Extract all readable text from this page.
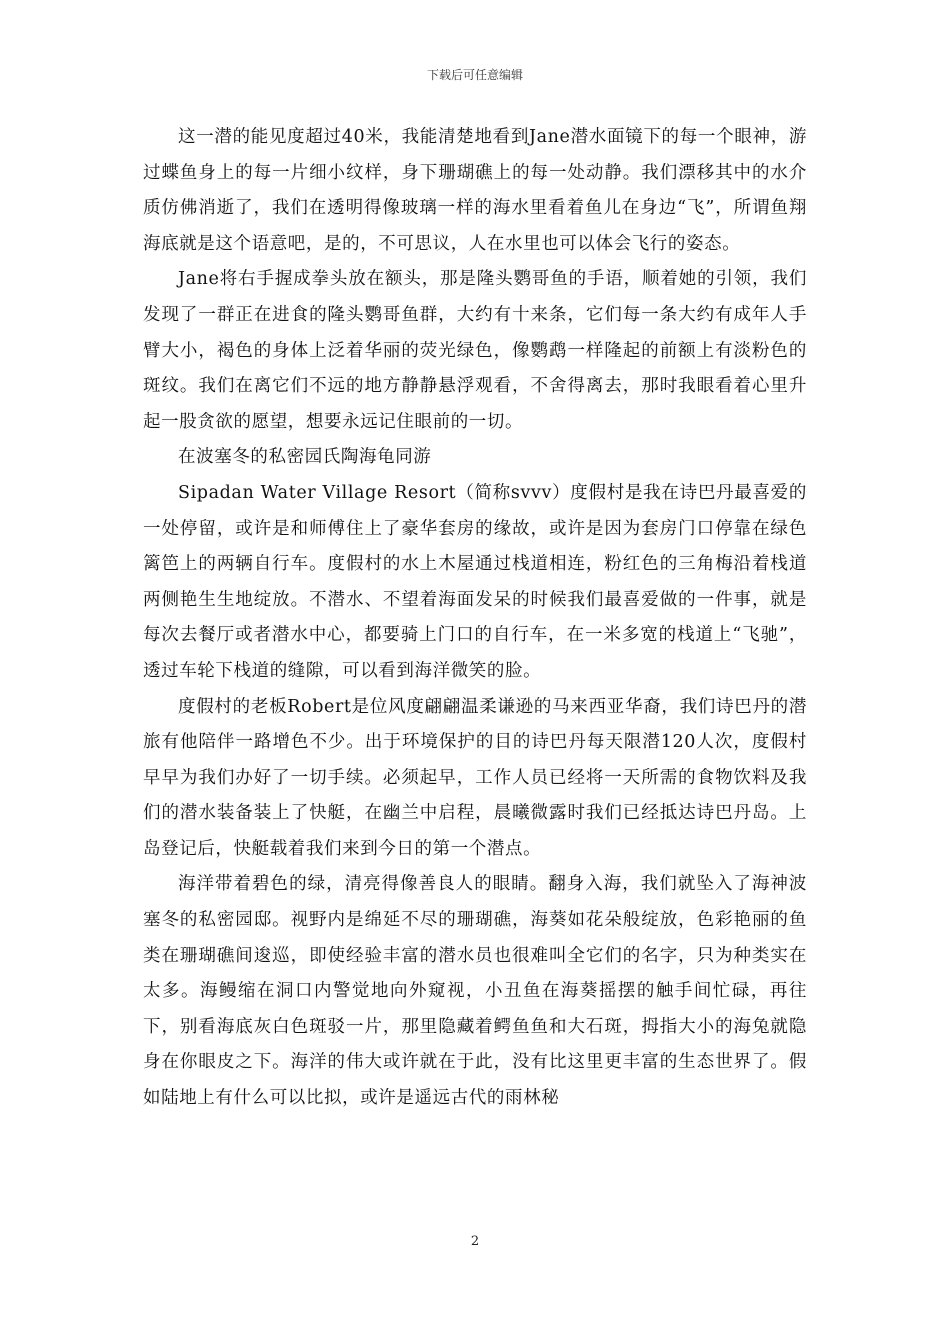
下载后可任意编辑

这一潜的能见度超过40米，我能清楚地看到Jane潜水面镜下的每一个眼神，游过蝶鱼身上的每一片细小纹样，身下珊瑚礁上的每一处动静。我们漂移其中的水介质仿佛消逝了，我们在透明得像玻璃一样的海水里看着鱼儿在身边“飞”，所谓鱼翔海底就是这个语意吧，是的，不可思议，人在水里也可以体会飞行的姿态。

Jane将右手握成拳头放在额头，那是隆头鹦哥鱼的手语，顺着她的引领，我们发现了一群正在进食的隆头鹦哥鱼群，大约有十来条，它们每一条大约有成年人手臂大小，褐色的身体上泛着华丽的荧光绿色，像鹦鹉一样隆起的前额上有淡粉色的斑纹。我们在离它们不远的地方静静悬浮观看，不舍得离去，那时我眼看着心里升起一股贪欲的愿望，想要永远记住眼前的一切。

在波塞冬的私密园氏陶海龟同游

Sipadan Water Village Resort（简称svvv）度假村是我在诗巴丹最喜爱的一处停留，或许是和师傅住上了豪华套房的缘故，或许是因为套房门口停靠在绿色篱笆上的两辆自行车。度假村的水上木屋通过栈道相连，粉红色的三角梅沿着栈道两侧艳生生地绽放。不潜水、不望着海面发呆的时候我们最喜爱做的一件事，就是每次去餐厅或者潜水中心，都要骑上门口的自行车，在一米多宽的栈道上“飞驰”，透过车轮下栈道的缝隙，可以看到海洋微笑的脸。

度假村的老板Robert是位风度翩翩温柔谦逊的马来西亚华裔，我们诗巴丹的潜旅有他陪伴一路增色不少。出于环境保护的目的诗巴丹每天限潜120人次，度假村早早为我们办好了一切手续。必须起早，工作人员已经将一天所需的食物饮料及我们的潜水装备装上了快艇，在幽兰中启程，晨曦微露时我们已经抵达诗巴丹岛。上岛登记后，快艇载着我们来到今日的第一个潜点。

海洋带着碧色的绿，清亮得像善良人的眼睛。翻身入海，我们就坠入了海神波塞冬的私密园邸。视野内是绵延不尽的珊瑚礁，海葵如花朵般绽放，色彩艳丽的鱼类在珊瑚礁间逡巡，即使经验丰富的潜水员也很难叫全它们的名字，只为种类实在太多。海鳗缩在洞口内警觉地向外窥视，小丑鱼在海葵摇摆的触手间忙碌，再往下，别看海底灰白色斑驳一片，那里隐藏着鳄鱼鱼和大石斑，拇指大小的海兔就隐身在你眼皮之下。海洋的伟大或许就在于此，没有比这里更丰富的生态世界了。假如陆地上有什么可以比拟，或许是遥远古代的雨林秘

2
